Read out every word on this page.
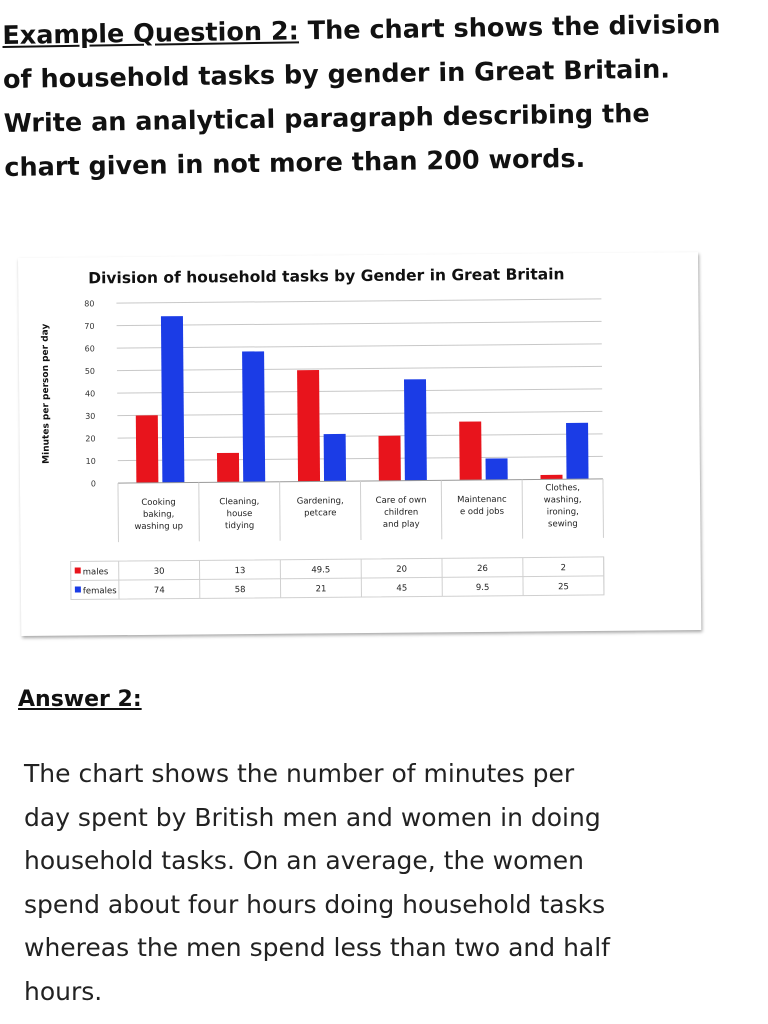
Example Question 2: The chart shows the division of household tasks by gender in Great Britain. Write an analytical paragraph describing the chart given in not more than 200 words.
Division of household tasks by Gender in Great Britain
Minutes per person per day
0
10
20
30
40
50
60
70
80
Cooking
baking,
washing up
Cleaning,
house
tidying
Gardening,
petcare
Care of own
children
and play
Maintenanc
e odd jobs
Clothes,
washing,
ironing,
sewing
males	30	13	49.5	20	26	2
females	74	58	21	45	9.5	25
Answer 2:
The chart shows the number of minutes per
day spent by British men and women in doing
household tasks. On an average, the women
spend about four hours doing household tasks
whereas the men spend less than two and half
hours.
